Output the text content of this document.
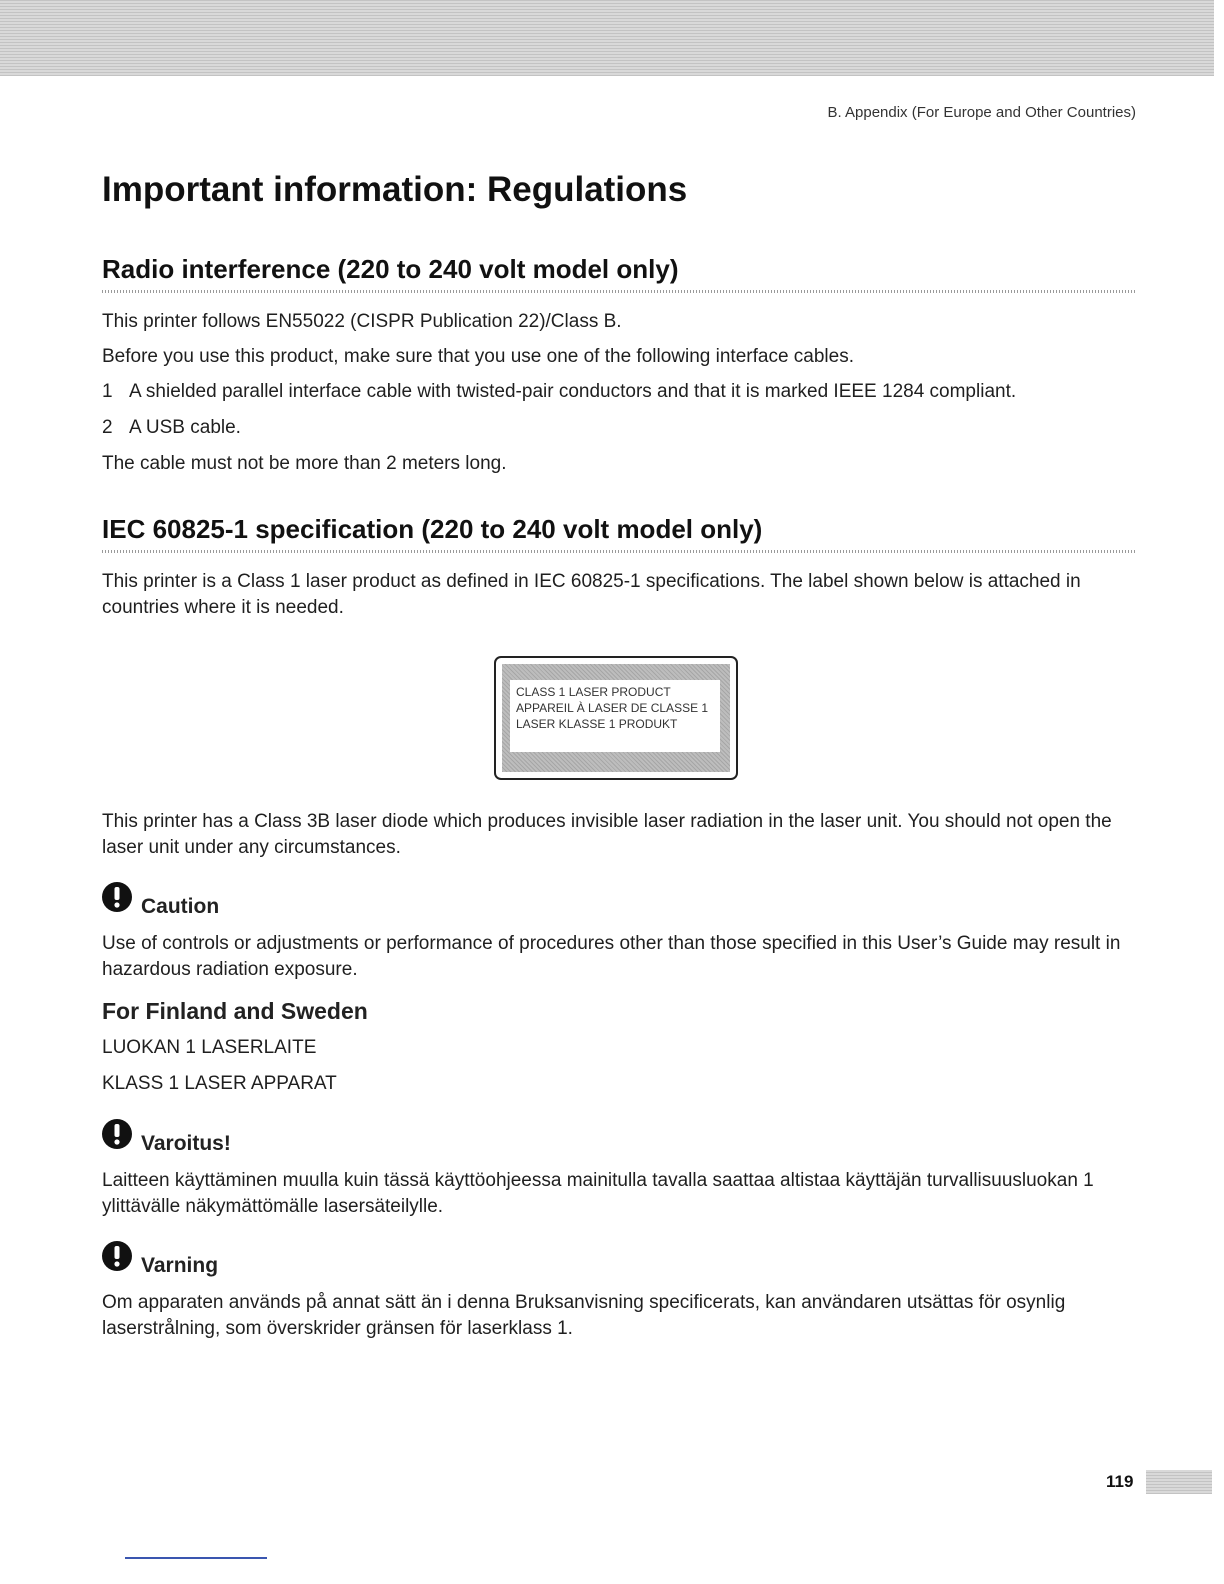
B. Appendix (For Europe and Other Countries)
Important information: Regulations
Radio interference (220 to 240 volt model only)

This printer follows EN55022 (CISPR Publication 22)/Class B.

Before you use this product, make sure that you use one of the following interface cables.

1 A shielded parallel interface cable with twisted-pair conductors and that it is marked IEEE 1284 compliant.

2 A USB cable.

The cable must not be more than 2 meters long.

IEC 60825-1 specification (220 to 240 volt model only)

This printer is a Class 1 laser product as defined in IEC 60825-1 specifications. The label shown below is attached in countries where it is needed.

CLASS 1 LASER PRODUCT
APPAREIL À LASER DE CLASSE 1
LASER KLASSE 1 PRODUKT

This printer has a Class 3B laser diode which produces invisible laser radiation in the laser unit. You should not open the laser unit under any circumstances.

Caution

Use of controls or adjustments or performance of procedures other than those specified in this User’s Guide may result in hazardous radiation exposure.

For Finland and Sweden

LUOKAN 1 LASERLAITE

KLASS 1 LASER APPARAT

Varoitus!

Laitteen käyttäminen muulla kuin tässä käyttöohjeessa mainitulla tavalla saattaa altistaa käyttäjän turvallisuusluokan 1 ylittävälle näkymättömälle lasersäteilylle.

Varning

Om apparaten används på annat sätt än i denna Bruksanvisning specificerats, kan användaren utsättas för osynlig laserstrålning, som överskrider gränsen för laserklass 1.

119
